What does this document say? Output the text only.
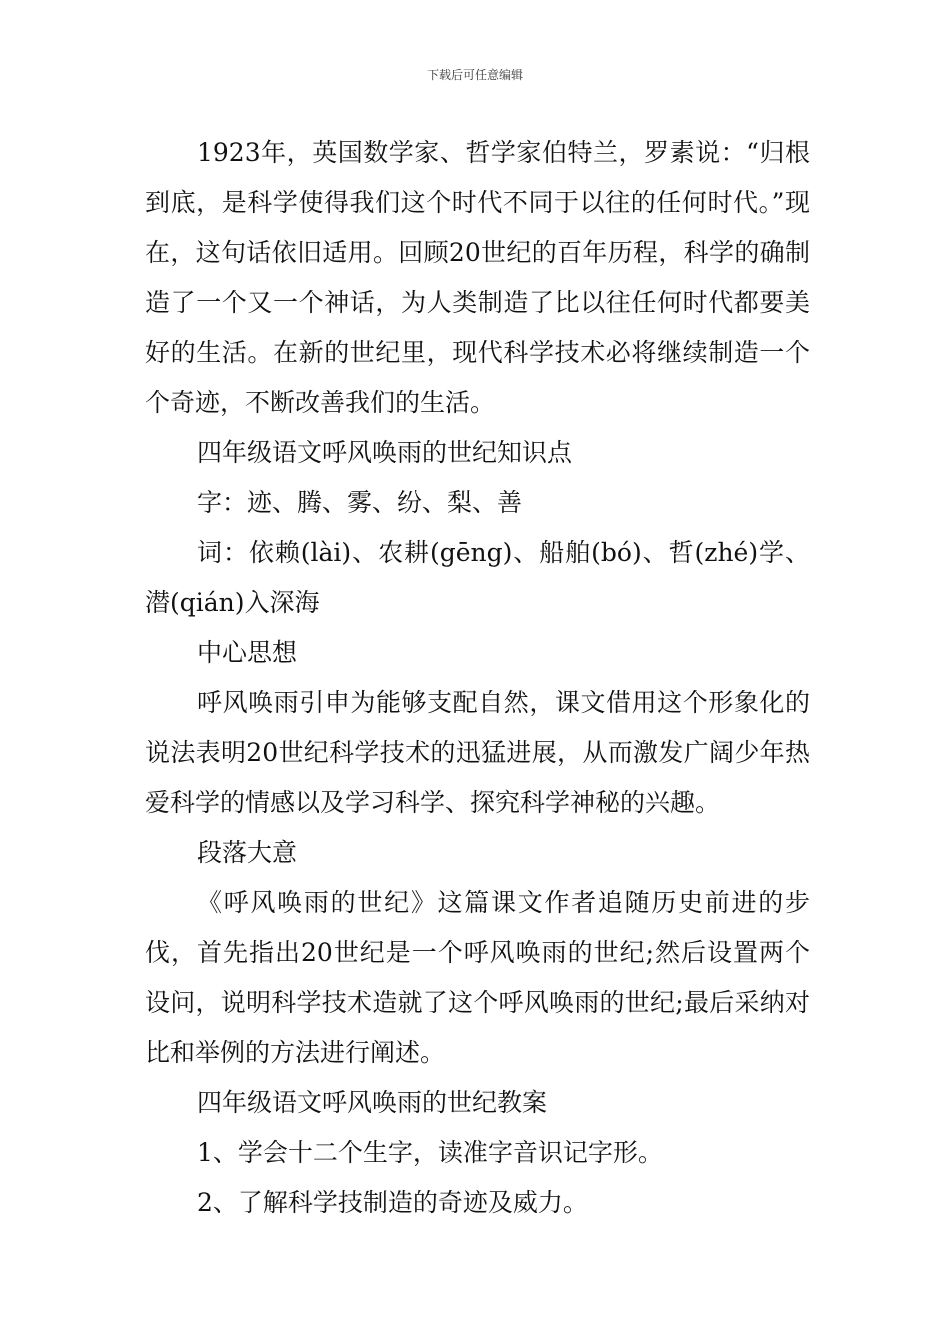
下载后可任意编辑

1923年，英国数学家、哲学家伯特兰，罗素说：“归根到底，是科学使得我们这个时代不同于以往的任何时代。”现在，这句话依旧适用。回顾20世纪的百年历程，科学的确制造了一个又一个神话，为人类制造了比以往任何时代都要美好的生活。在新的世纪里，现代科学技术必将继续制造一个个奇迹，不断改善我们的生活。

四年级语文呼风唤雨的世纪知识点

字：迹、腾、雾、纷、梨、善

词：依赖(lài)、农耕(gēng)、船舶(bó)、哲(zhé)学、潜(qián)入深海

中心思想

呼风唤雨引申为能够支配自然，课文借用这个形象化的说法表明20世纪科学技术的迅猛进展，从而激发广阔少年热爱科学的情感以及学习科学、探究科学神秘的兴趣。

段落大意

《呼风唤雨的世纪》这篇课文作者追随历史前进的步伐，首先指出20世纪是一个呼风唤雨的世纪;然后设置两个设问，说明科学技术造就了这个呼风唤雨的世纪;最后采纳对比和举例的方法进行阐述。

四年级语文呼风唤雨的世纪教案

1、学会十二个生字，读准字音识记字形。

2、了解科学技制造的奇迹及威力。
